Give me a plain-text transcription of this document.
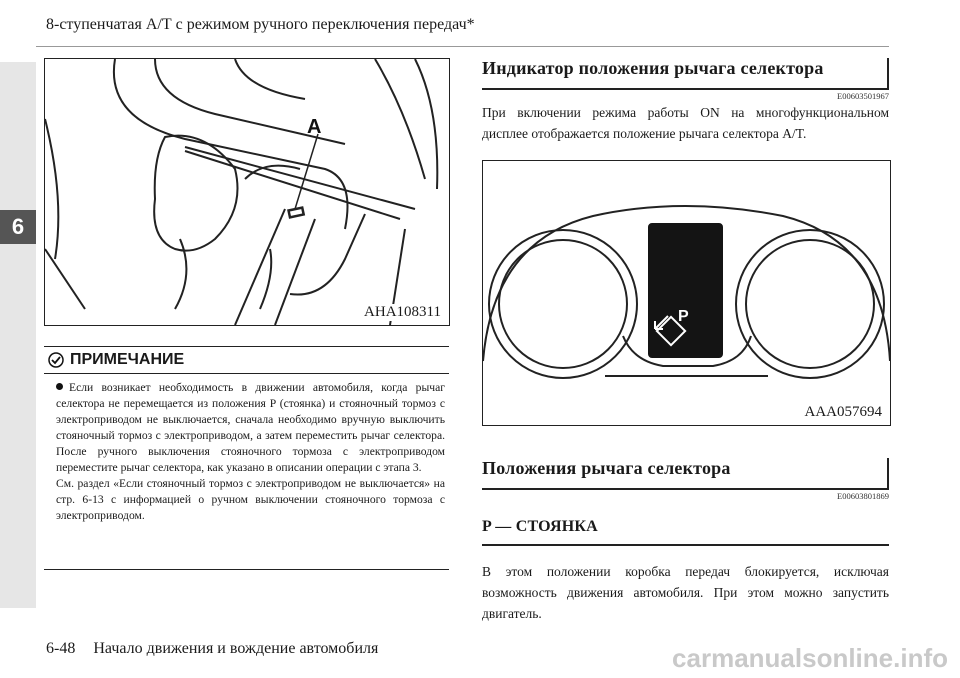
6
8-ступенчатая А/Т с режимом ручного переключения передач*
A
AHA108311
ПРИМЕЧАНИЕ
Если возникает необходимость в движении автомобиля, когда рычаг селектора не перемещается из положения P (стоянка) и стояночный тормоз с электроприводом не выключается, сначала необходимо вручную выключить стояночный тормоз с электроприводом, а затем переместить рычаг селектора. После ручного выключения стояночного тормоза с электроприводом переместите рычаг селектора, как указано в описании операции с этапа 3.
См. раздел «Если стояночный тормоз с электроприводом не выключается» на стр. 6-13 с информацией о ручном выключении стояночного тормоза с электроприводом.
Индикатор положения рычага селектора
E00603501967
При включении режима работы ON на многофункциональном дисплее отображается положение рычага селектора A/T.
P
AAA057694
Положения рычага селектора
E00603801869
P — СТОЯНКА
В этом положении коробка передач блокируется, исключая возможность движения автомобиля. При этом можно запустить двигатель.
6-48 Начало движения и вождение автомобиля	carmanualsonline.info
